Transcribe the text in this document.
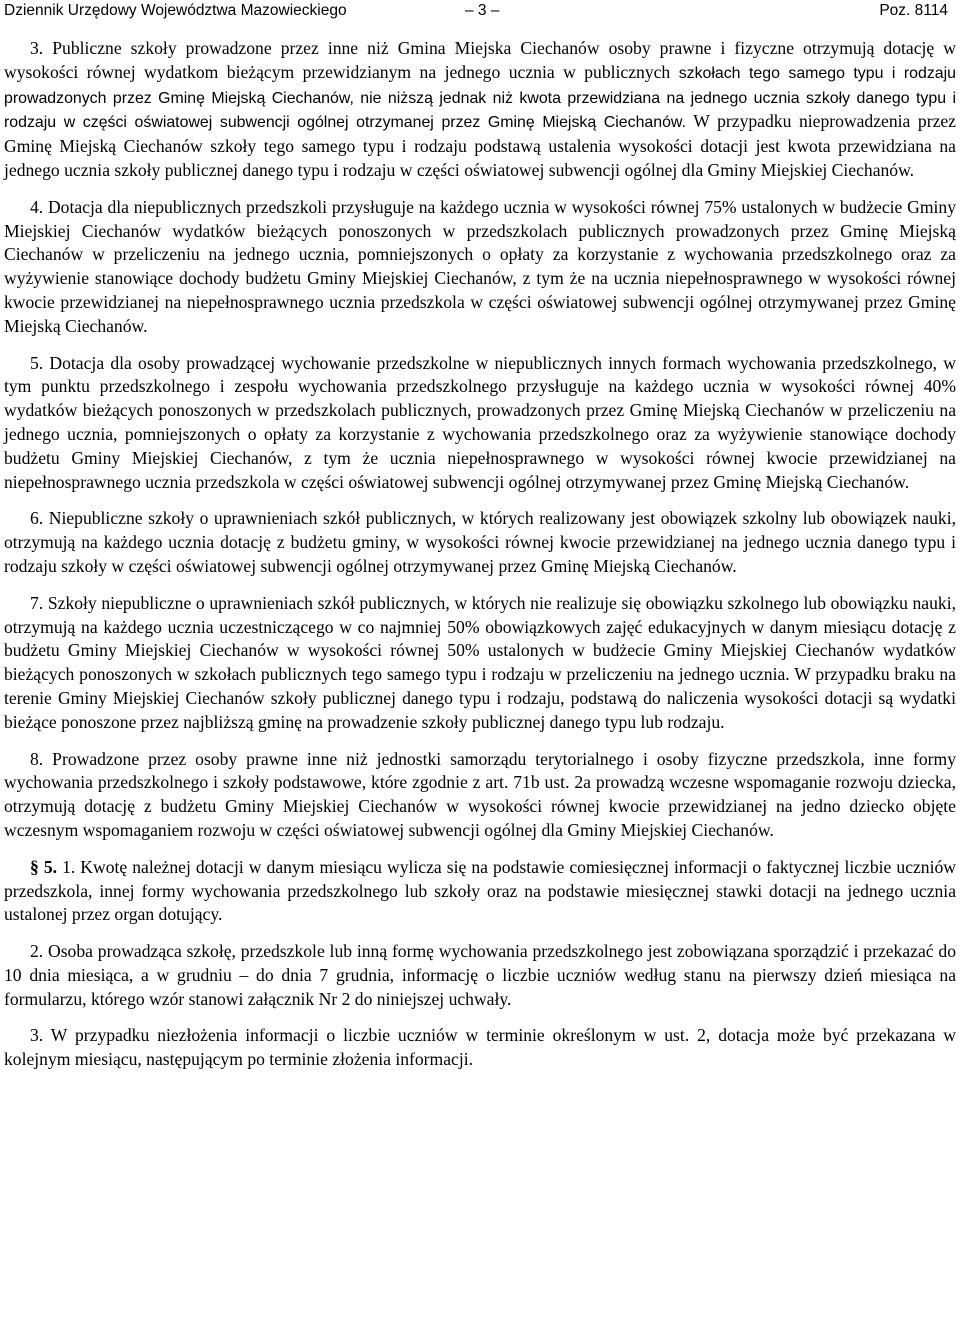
Dziennik Urzędowy Województwa Mazowieckiego	– 3 –	Poz. 8114

3. Publiczne szkoły prowadzone przez inne niż Gmina Miejska Ciechanów osoby prawne i fizyczne otrzymują dotację w wysokości równej wydatkom bieżącym przewidzianym na jednego ucznia w publicznych szkołach tego samego typu i rodzaju prowadzonych przez Gminę Miejską Ciechanów, nie niższą jednak niż kwota przewidziana na jednego ucznia szkoły danego typu i rodzaju w części oświatowej subwencji ogólnej otrzymanej przez Gminę Miejską Ciechanów. W przypadku nieprowadzenia przez Gminę Miejską Ciechanów szkoły tego samego typu i rodzaju podstawą ustalenia wysokości dotacji jest kwota przewidziana na jednego ucznia szkoły publicznej danego typu i rodzaju w części oświatowej subwencji ogólnej dla Gminy Miejskiej Ciechanów.

4. Dotacja dla niepublicznych przedszkoli przysługuje na każdego ucznia w wysokości równej 75% ustalonych w budżecie Gminy Miejskiej Ciechanów wydatków bieżących ponoszonych w przedszkolach publicznych prowadzonych przez Gminę Miejską Ciechanów w przeliczeniu na jednego ucznia, pomniejszonych o opłaty za korzystanie z wychowania przedszkolnego oraz za wyżywienie stanowiące dochody budżetu Gminy Miejskiej Ciechanów, z tym że na ucznia niepełnosprawnego w wysokości równej kwocie przewidzianej na niepełnosprawnego ucznia przedszkola w części oświatowej subwencji ogólnej otrzymywanej przez Gminę Miejską Ciechanów.

5. Dotacja dla osoby prowadzącej wychowanie przedszkolne w niepublicznych innych formach wychowania przedszkolnego, w tym punktu przedszkolnego i zespołu wychowania przedszkolnego przysługuje na każdego ucznia w wysokości równej 40% wydatków bieżących ponoszonych w przedszkolach publicznych, prowadzonych przez Gminę Miejską Ciechanów w przeliczeniu na jednego ucznia, pomniejszonych o opłaty za korzystanie z wychowania przedszkolnego oraz za wyżywienie stanowiące dochody budżetu Gminy Miejskiej Ciechanów, z tym że ucznia niepełnosprawnego w wysokości równej kwocie przewidzianej na niepełnosprawnego ucznia przedszkola w części oświatowej subwencji ogólnej otrzymywanej przez Gminę Miejską Ciechanów.

6. Niepubliczne szkoły o uprawnieniach szkół publicznych, w których realizowany jest obowiązek szkolny lub obowiązek nauki, otrzymują na każdego ucznia dotację z budżetu gminy, w wysokości równej kwocie przewidzianej na jednego ucznia danego typu i rodzaju szkoły w części oświatowej subwencji ogólnej otrzymywanej przez Gminę Miejską Ciechanów.

7. Szkoły niepubliczne o uprawnieniach szkół publicznych, w których nie realizuje się obowiązku szkolnego lub obowiązku nauki, otrzymują na każdego ucznia uczestniczącego w co najmniej 50% obowiązkowych zajęć edukacyjnych w danym miesiącu dotację z budżetu Gminy Miejskiej Ciechanów w wysokości równej 50% ustalonych w budżecie Gminy Miejskiej Ciechanów wydatków bieżących ponoszonych w szkołach publicznych tego samego typu i rodzaju w przeliczeniu na jednego ucznia. W przypadku braku na terenie Gminy Miejskiej Ciechanów szkoły publicznej danego typu i rodzaju, podstawą do naliczenia wysokości dotacji są wydatki bieżące ponoszone przez najbliższą gminę na prowadzenie szkoły publicznej danego typu lub rodzaju.

8. Prowadzone przez osoby prawne inne niż jednostki samorządu terytorialnego i osoby fizyczne przedszkola, inne formy wychowania przedszkolnego i szkoły podstawowe, które zgodnie z art. 71b ust. 2a prowadzą wczesne wspomaganie rozwoju dziecka, otrzymują dotację z budżetu Gminy Miejskiej Ciechanów w wysokości równej kwocie przewidzianej na jedno dziecko objęte wczesnym wspomaganiem rozwoju w części oświatowej subwencji ogólnej dla Gminy Miejskiej Ciechanów.

§ 5. 1. Kwotę należnej dotacji w danym miesiącu wylicza się na podstawie comiesięcznej informacji o faktycznej liczbie uczniów przedszkola, innej formy wychowania przedszkolnego lub szkoły oraz na podstawie miesięcznej stawki dotacji na jednego ucznia ustalonej przez organ dotujący.

2. Osoba prowadząca szkołę, przedszkole lub inną formę wychowania przedszkolnego jest zobowiązana sporządzić i przekazać do 10 dnia miesiąca, a w grudniu – do dnia 7 grudnia, informację o liczbie uczniów według stanu na pierwszy dzień miesiąca na formularzu, którego wzór stanowi załącznik Nr 2 do niniejszej uchwały.

3. W przypadku niezłożenia informacji o liczbie uczniów w terminie określonym w ust. 2, dotacja może być przekazana w kolejnym miesiącu, następującym po terminie złożenia informacji.
